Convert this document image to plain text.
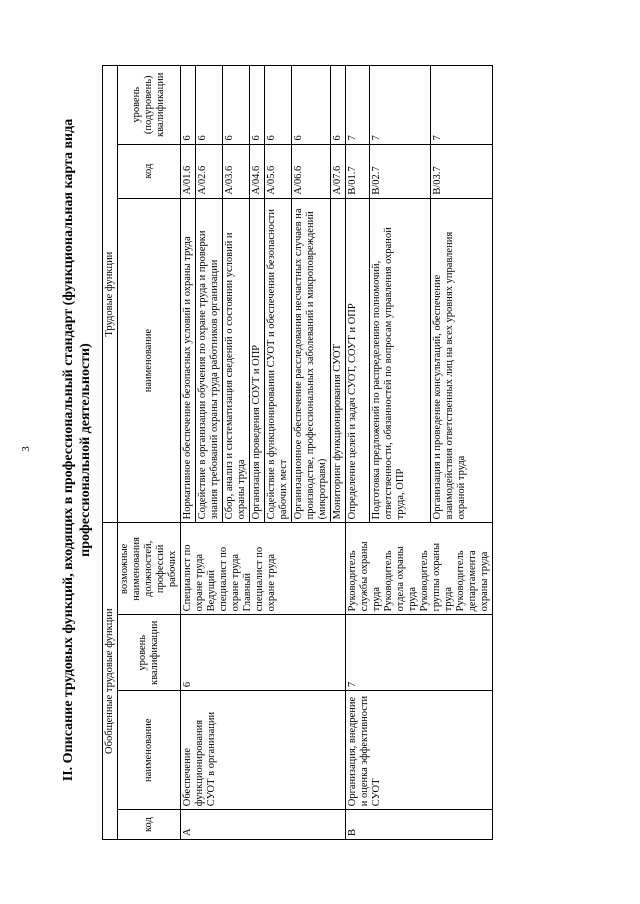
3 II. Описание трудовых функций, входящих в профессиональный стандарт (функциональная карта вида профессиональной деятельности)
Обобщенные трудовые функции				Трудовые функции		
код	наименование	уровень квалификации	возможные наименования должностей, профессий рабочих	наименование	код	уровень (подуровень) квалификации
A	Обеспечение функционирования СУОТ в организации	6	Специалист по охране труда Ведущий специалист по охране труда Главный специалист по охране труда	Нормативное обеспечение безопасных условий и охраны труда	A/01.6	6
				Содействие в организации обучения по охране труда и проверки знания требований охраны труда работников организации	A/02.6	6
				Сбор, анализ и систематизация сведений о состоянии условий и охраны труда	A/03.6	6
				Организация проведения СОУТ и ОПР	A/04.6	6
				Содействие в функционировании СУОТ и обеспечении безопасности рабочих мест	A/05.6	6
				Организационное обеспечение расследования несчастных случаев на производстве, профессиональных заболеваний и микроповреждений (микротравм)	A/06.6	6
				Мониторинг функционирования СУОТ	A/07.6	6
B	Организация, внедрение и оценка эффективности СУОТ	7	Руководитель службы охраны труда Руководитель отдела охраны труда Руководитель группы охраны труда Руководитель департамента охраны труда	Определение целей и задач СУОТ, СОУТ и ОПР	B/01.7	7
				Подготовка предложений по распределению полномочий, ответственности, обязанностей по вопросам управления охраной труда, ОПР	B/02.7	7
				Организация и проведение консультаций, обеспечение взаимодействия ответственных лиц на всех уровнях управления охраной труда	B/03.7	7
